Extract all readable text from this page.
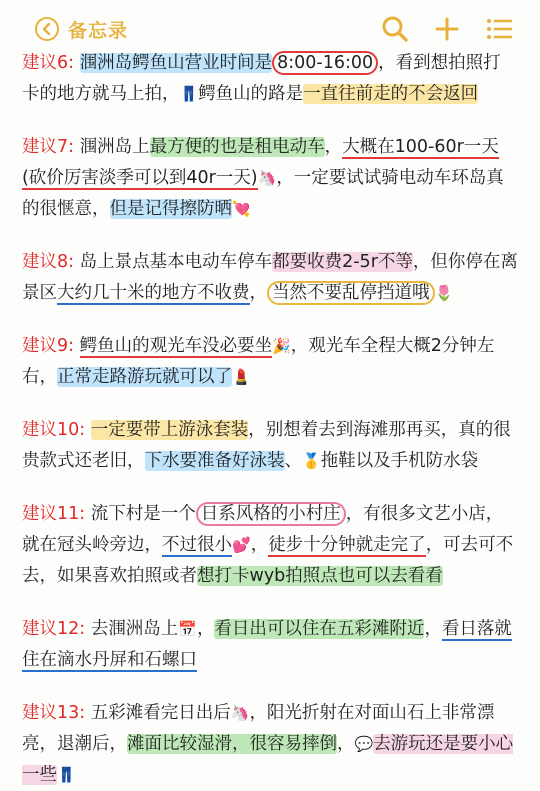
备忘录
建议6: 涠洲岛鳄鱼山营业时间是 8:00-16:00 ，看到想拍照打卡的地方就马上拍，👖鳄鱼山的路是一直往前走的不会返回
建议7: 涠洲岛上最方便的也是租电动车，大概在100-60r一天(砍价厉害淡季可以到40r一天)🦄，一定要试试骑电动车环岛真的很惬意，但是记得擦防晒💘
建议8: 岛上景点基本电动车停车都要收费2-5r不等，但你停在离景区大约几十米的地方不收费， 当然不要乱停挡道哦 🌷
建议9: 鳄鱼山的观光车没必要坐🎉，观光车全程大概2分钟左右，正常走路游玩就可以了💄
建议10: 一定要带上游泳套装，别想着去到海滩那再买，真的很贵款式还老旧，下水要准备好泳装、🥇拖鞋以及手机防水袋
建议11: 流下村是一个 日系风格的小村庄 ，有很多文艺小店，就在冠头岭旁边，不过很小💕，徒步十分钟就走完了，可去可不去，如果喜欢拍照或者想打卡wyb拍照点也可以去看看
建议12: 去涠洲岛上📅，看日出可以住在五彩滩附近，看日落就住在滴水丹屏和石螺口
建议13: 五彩滩看完日出后🦄，阳光折射在对面山石上非常漂亮，退潮后，滩面比较湿滑，很容易摔倒，💬去游玩还是要小心一些👖
